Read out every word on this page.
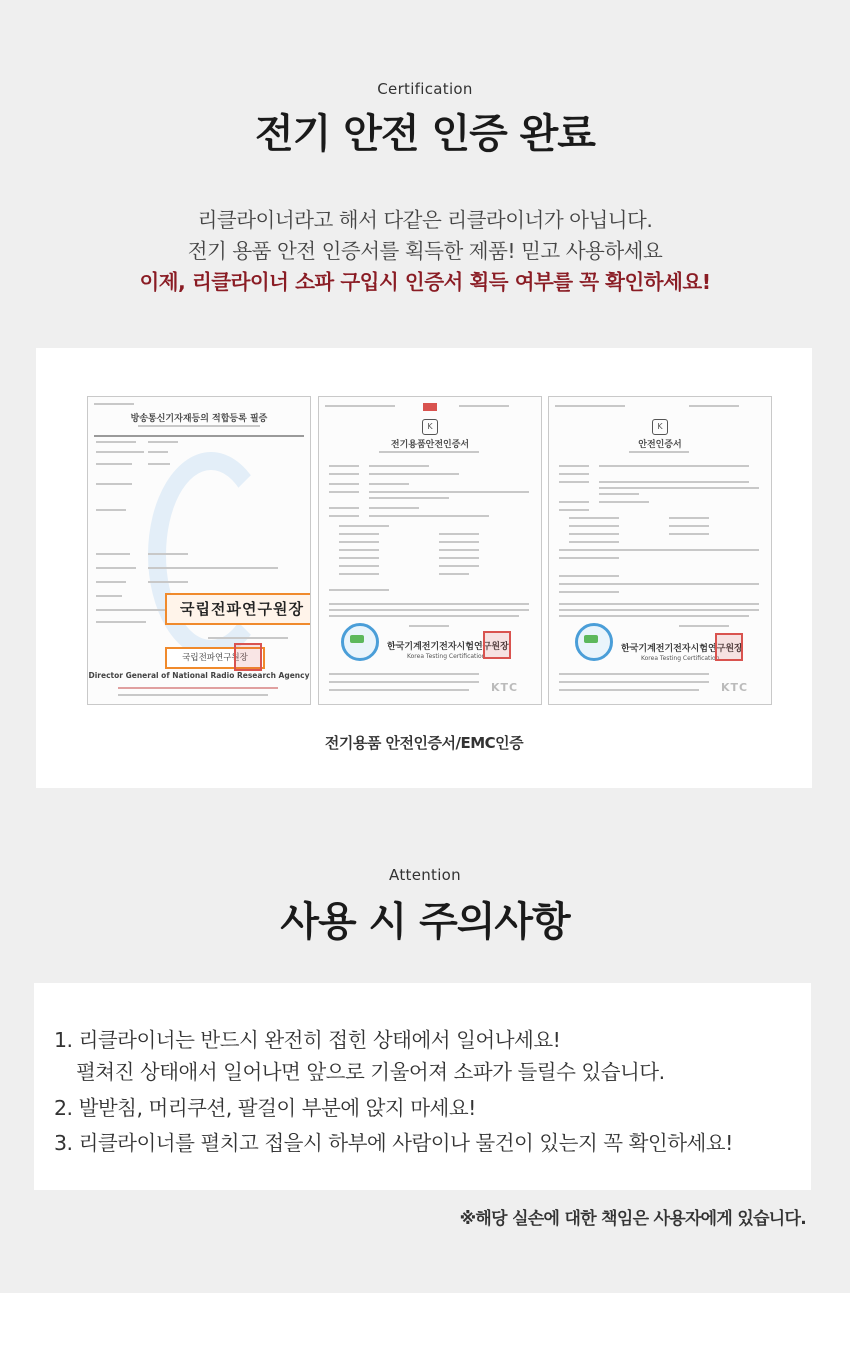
Certification
전기 안전 인증 완료
리클라이너라고 해서 다같은 리클라이너가 아닙니다.
전기 용품 안전 인증서를 획득한 제품! 믿고 사용하세요
이제, 리클라이너 소파 구입시 인증서 획득 여부를 꼭 확인하세요!
방송통신기자재등의 적합등록 필증
국립전파연구원장
국립전파연구원장
Director General of National Radio Research Agency
K
전기용품안전인증서
한국기계전기전자시험연구원장
Korea Testing Certification
KTC
K
안전인증서
한국기계전기전자시험연구원장
Korea Testing Certification
KTC
전기용품 안전인증서/EMC인증
Attention
사용 시 주의사항
1. 리클라이너는 반드시 완전히 접힌 상태에서 일어나세요!
펼쳐진 상태애서 일어나면 앞으로 기울어져 소파가 들릴수 있습니다.
2. 발받침, 머리쿠션, 팔걸이 부분에 앉지 마세요!
3. 리클라이너를 펼치고 접을시 하부에 사람이나 물건이 있는지 꼭 확인하세요!
※해당 실손에 대한 책임은 사용자에게 있습니다.
